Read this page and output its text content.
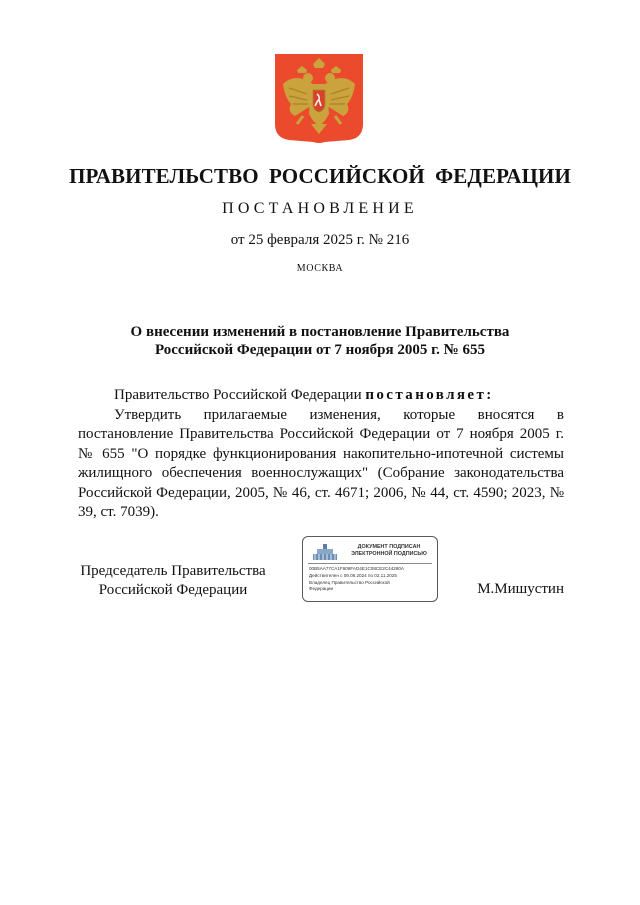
ПРАВИТЕЛЬСТВО РОССИЙСКОЙ ФЕДЕРАЦИИ
ПОСТАНОВЛЕНИЕ
от 25 февраля 2025 г. № 216
МОСКВА
О внесении изменений в постановление Правительства
Российской Федерации от 7 ноября 2005 г. № 655

Правительство Российской Федерации постановляет:

Утвердить прилагаемые изменения, которые вносятся в постановление Правительства Российской Федерации от 7 ноября 2005 г. № 655 "О порядке функционирования накопительно-ипотечной системы жилищного обеспечения военнослужащих" (Собрание законодательства Российской Федерации, 2005, № 46, ст. 4671; 2006, № 44, ст. 4590; 2023, № 39, ст. 7039).

Председатель Правительства
Российской Федерации
ДОКУМЕНТ ПОДПИСАН
ЭЛЕКТРОННОЙ ПОДПИСЬЮ
00B5AA77CA1F608FAD4E1C08CE2C44280A
Действителен с 09.08.2024 по 02.11.2025
Владелец Правительство Российской
Федерации	М.Мишустин
